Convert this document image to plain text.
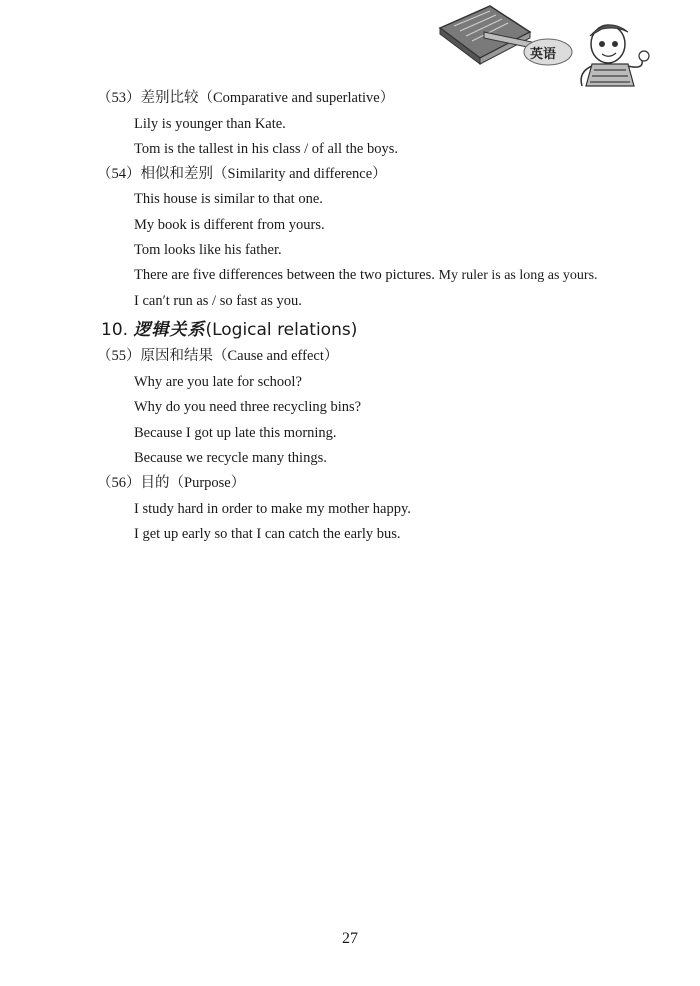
英语
（53）差别比较（Comparative and superlative）
Lily is younger than Kate.
Tom is the tallest in his class / of all the boys.
（54）相似和差别（Similarity and difference）
This house is similar to that one.
My book is different from yours.
Tom looks like his father.
There are five differences between the two pictures. My ruler is as long as yours.
I can′t run as / so fast as you.
10. 逻辑关系(Logical relations)
（55）原因和结果（Cause and effect）
Why are you late for school?
Why do you need three recycling bins?
Because I got up late this morning.
Because we recycle many things.
（56）目的（Purpose）
I study hard in order to make my mother happy.
I get up early so that I can catch the early bus.
27
